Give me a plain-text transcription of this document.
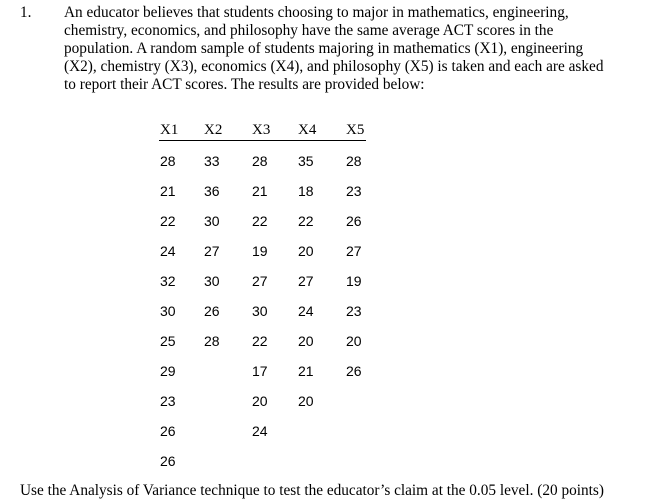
1. An educator believes that students choosing to major in mathematics, engineering,
chemistry, economics, and philosophy have the same average ACT scores in the
population. A random sample of students majoring in mathematics (X1), engineering
(X2), chemistry (X3), economics (X4), and philosophy (X5) is taken and each are asked
to report their ACT scores. The results are provided below:
X1
28
21
22
24
32
30
25
29
23
26
26
X2
33
36
30
27
30
26
28
X3
28
21
22
19
27
30
22
17
20
24
X4
35
18
22
20
27
24
20
21
20
X5
28
23
26
27
19
23
20
26
Use the Analysis of Variance technique to test the educator’s claim at the 0.05 level. (20 points)
